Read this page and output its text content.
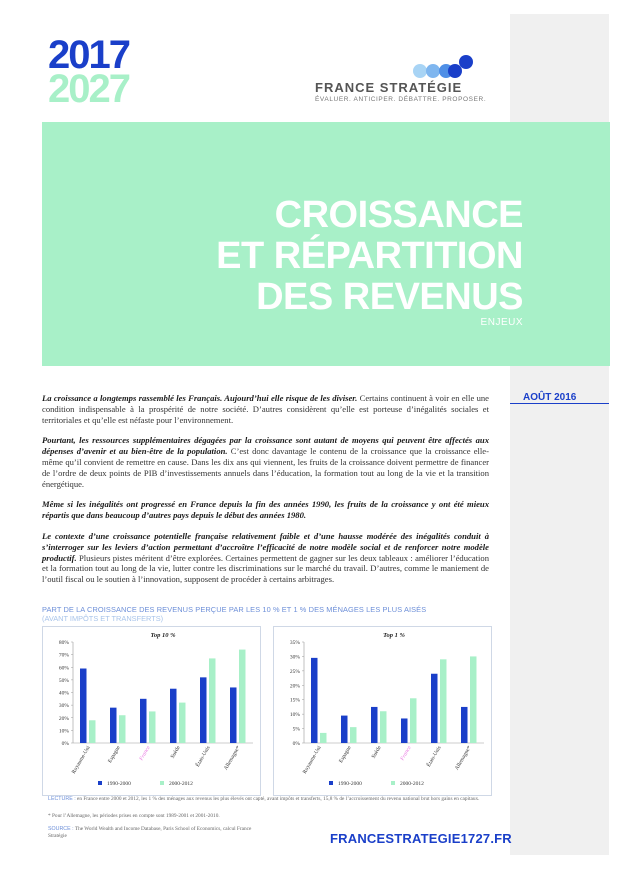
2017
2027	FRANCE STRATÉGIE
ÉVALUER. ANTICIPER. DÉBATTRE. PROPOSER.
CROISSANCE
ET RÉPARTITION
DES REVENUS
ENJEUX
AOÛT 2016

La croissance a longtemps rassemblé les Français. Aujourd’hui elle risque de les diviser. Certains continuent à voir en elle une condition indispensable à la prospérité de notre société. D’autres considèrent qu’elle est porteuse d’inégalités sociales et territoriales et qu’elle est néfaste pour l’environnement.

Pourtant, les ressources supplémentaires dégagées par la croissance sont autant de moyens qui peuvent être affectés aux dépenses d’avenir et au bien-être de la population. C’est donc davantage le contenu de la croissance que la croissance elle-même qu’il convient de remettre en cause. Dans les dix ans qui viennent, les fruits de la croissance doivent permettre de financer de l’ordre de deux points de PIB d’investissements annuels dans l’éducation, la formation tout au long de la vie et la transition énergétique.

Même si les inégalités ont progressé en France depuis la fin des années 1990, les fruits de la croissance y ont été mieux répartis que dans beaucoup d’autres pays depuis le début des années 1980.

Le contexte d’une croissance potentielle française relativement faible et d’une hausse modérée des inégalités conduit à s’interroger sur les leviers d’action permettant d’accroître l’efficacité de notre modèle social et de renforcer notre modèle productif. Plusieurs pistes méritent d’être explorées. Certaines permettent de gagner sur les deux tableaux : améliorer l’éducation et la formation tout au long de la vie, lutter contre les discriminations sur le marché du travail. D’autres, comme le maniement de l’outil fiscal ou le soutien à l’innovation, supposent de procéder à certains arbitrages.

PART DE LA CROISSANCE DES REVENUS PERÇUE PAR LES 10 % ET 1 % DES MÉNAGES LES PLUS AISÉS
(AVANT IMPÔTS ET TRANSFERTS)
Top 10 %
0%
10%
20%
30%
40%
50%
60%
70%
80%
Royaume-Uni	Espagne	France	Suède	États-Unis Allemagne*
1990-2000	2000-2012
Top 1 %
0%
5%
10%
15%
20%
25%
30%
35%
Royaume-Uni	Espagne	Suède	France	États-Unis Allemagne*
1990-2000	2000-2012
LECTURE : en France entre 2000 et 2012, les 1 % des ménages aux revenus les plus élevés ont capté, avant impôts et transferts, 15,8 % de l’accroissement du revenu national brut hors gains en capitaux.
* Pour l’Allemagne, les périodes prises en compte sont 1989-2001 et 2001-2010.
SOURCE : The World Wealth and Income Database, Paris School of Economics, calcul France Stratégie	FRANCESTRATEGIE1727.FR
